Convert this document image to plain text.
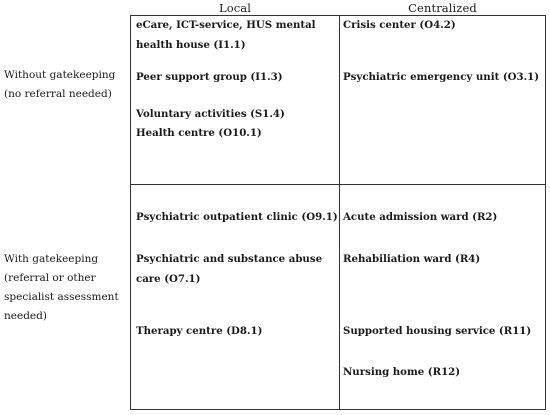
Local	Centralized
Without gatekeeping (no referral needed)
With gatekeeping (referral or other specialist assessment needed)
eCare, ICT-service, HUS mental health house (I1.1)
Peer support group (I1.3)
Voluntary activities (S1.4)
Health centre (O10.1)
Crisis center (O4.2)
Psychiatric emergency unit (O3.1)
Psychiatric outpatient clinic (O9.1)
Psychiatric and substance abuse care (O7.1)
Therapy centre (D8.1)
Acute admission ward (R2)
Rehabiliation ward (R4)
Supported housing service (R11)
Nursing home (R12)
